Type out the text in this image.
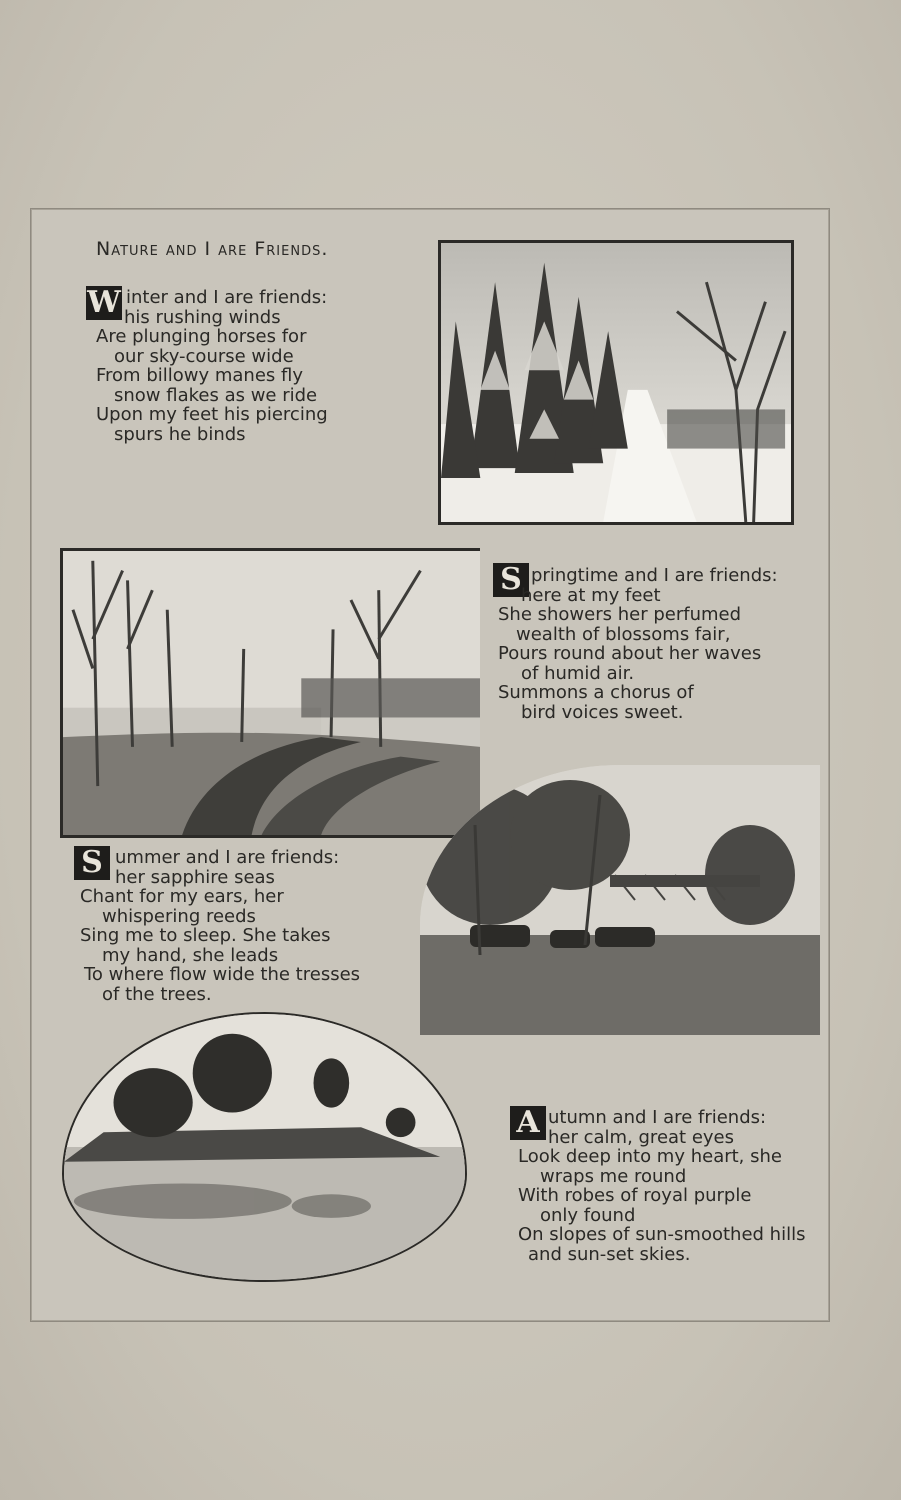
Nature and I are Friends.
W inter and I are friends:
his rushing winds
Are plunging horses for
our sky-course wide
From billowy manes fly
snow flakes as we ride
Upon my feet his piercing
spurs he binds
S pringtime and I are friends:
here at my feet
She showers her perfumed
wealth of blossoms fair,
Pours round about her waves
of humid air.
Summons a chorus of
bird voices sweet.
S ummer and I are friends:
her sapphire seas
Chant for my ears, her
whispering reeds
Sing me to sleep. She takes
my hand, she leads
To where flow wide the tresses
of the trees.
A utumn and I are friends:
her calm, great eyes
Look deep into my heart, she
wraps me round
With robes of royal purple
only found
On slopes of sun-smoothed hills
and sun-set skies.
